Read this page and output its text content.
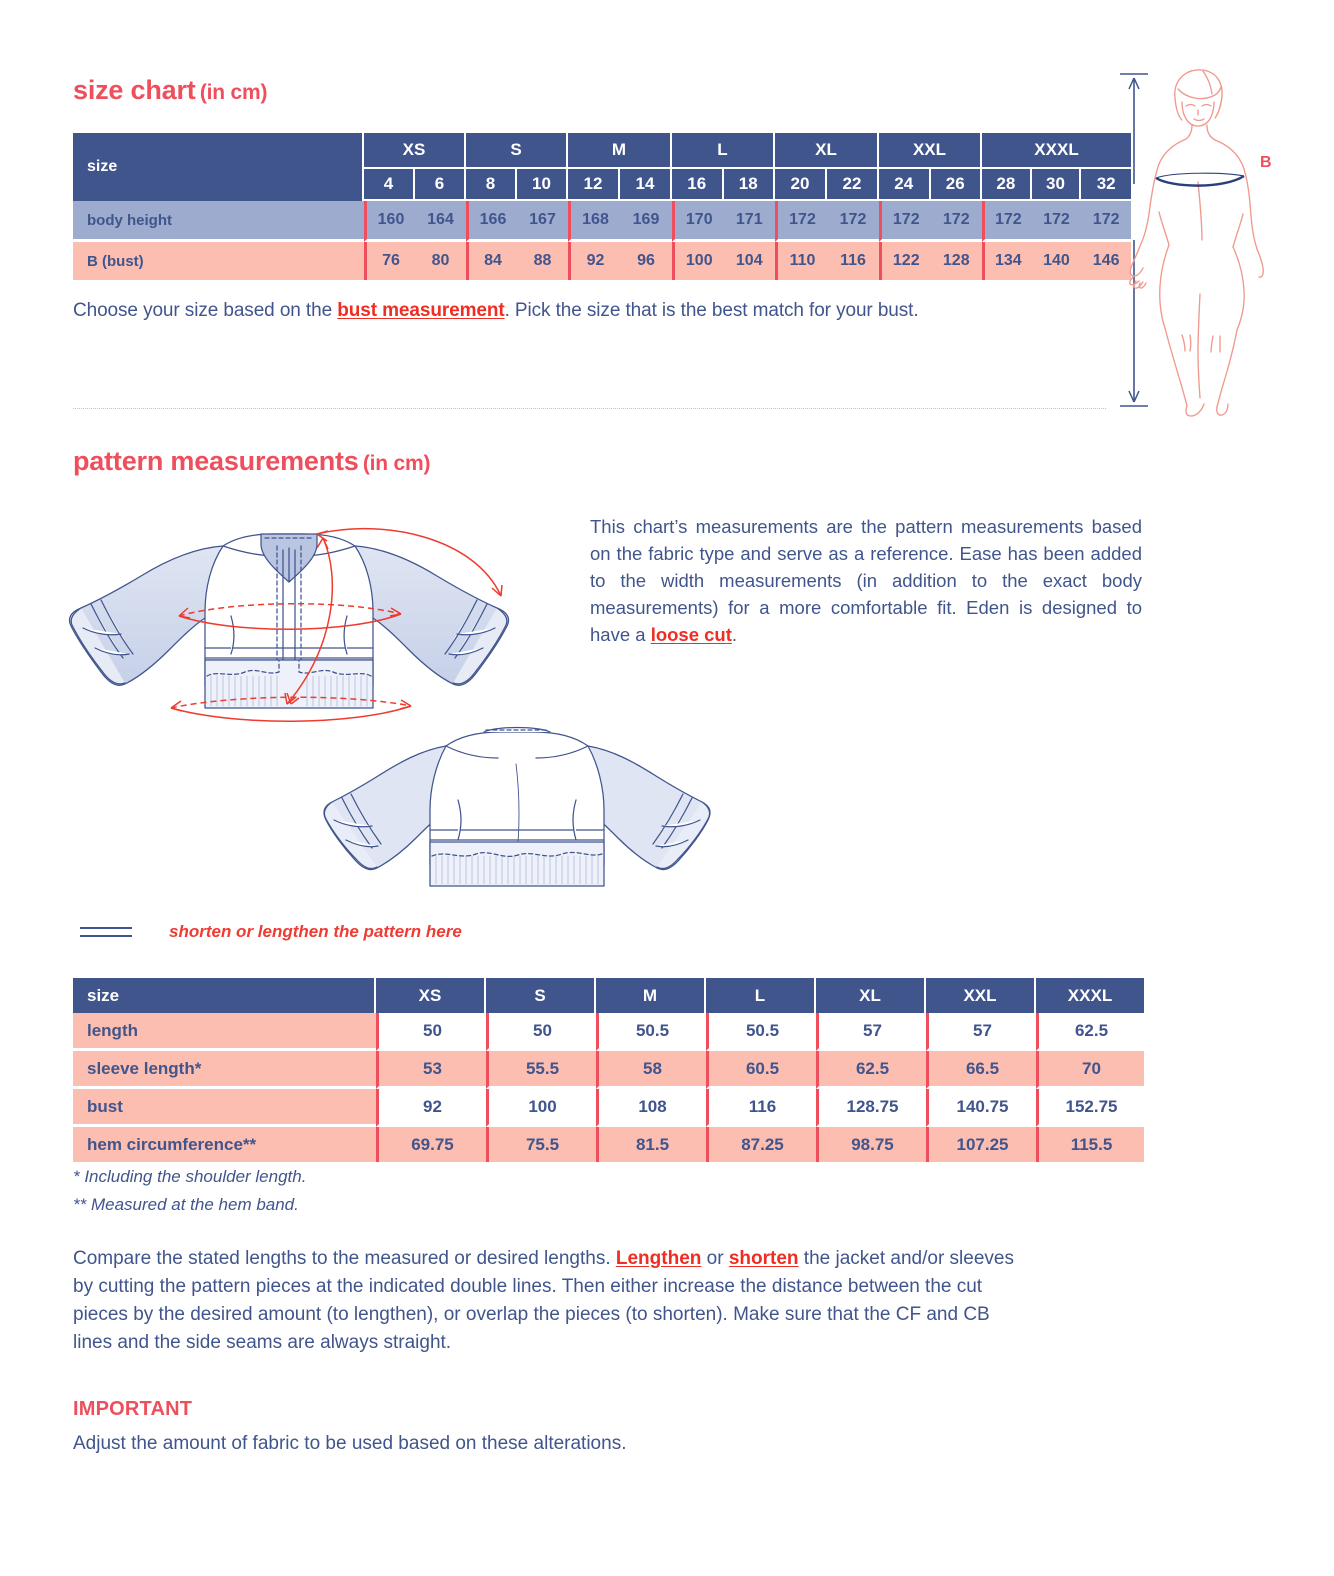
size chart (in cm)
size	XS		S		M		L		XL		XXL		XXXL		
	4	6	8	10	12	14	16	18	20	22	24	26	28	30	32
body height	160	164	166	167	168	169	170	171	172	172	172	172	172	172	172
B (bust)	76	80	84	88	92	96	100	104	110	116	122	128	134	140	146
Choose your size based on the bust measurement. Pick the size that is the best match for your bust.
B
pattern measurements (in cm)
This chart’s measurements are the pattern measurements based on the fabric type and serve as a reference. Ease has been added to the width measurements (in addition to the exact body measurements) for a more comfortable fit. Eden is designed to have a loose cut.
shorten or lengthen the pattern here
size	XS	S	M	L	XL	XXL	XXXL
length	50	50	50.5	50.5	57	57	62.5
sleeve length*	53	55.5	58	60.5	62.5	66.5	70
bust	92	100	108	116	128.75	140.75	152.75
hem circumference**	69.75	75.5	81.5	87.25	98.75	107.25	115.5
* Including the shoulder length.
** Measured at the hem band.
Compare the stated lengths to the measured or desired lengths. Lengthen or shorten the jacket and/or sleeves by cutting the pattern pieces at the indicated double lines. Then either increase the distance between the cut pieces by the desired amount (to lengthen), or overlap the pieces (to shorten). Make sure that the CF and CB lines and the side seams are always straight.
IMPORTANT
Adjust the amount of fabric to be used based on these alterations.
